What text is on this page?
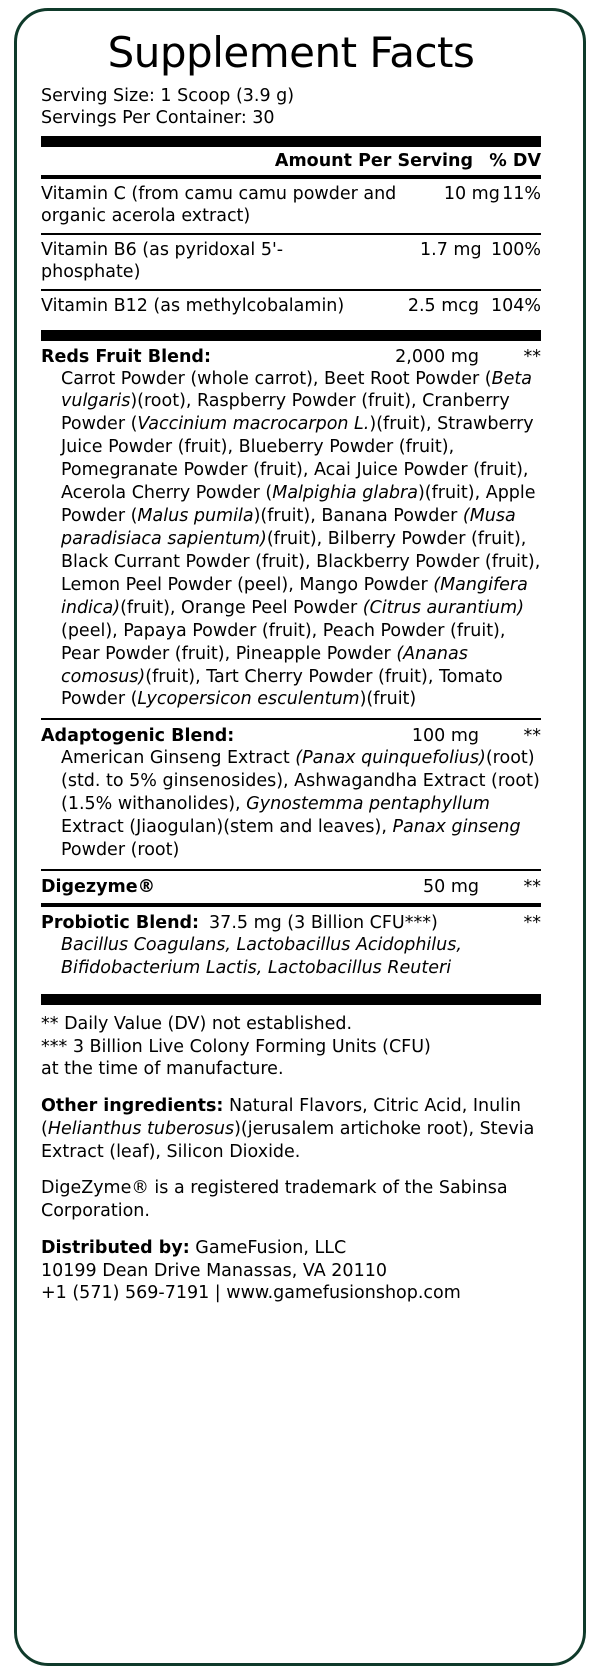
Supplement Facts
Serving Size: 1 Scoop (3.9 g)
Servings Per Container: 30
Amount Per Serving % DV
Vitamin C (from camu camu powder and organic acerola extract)
10 mg 11%
Vitamin B6 (as pyridoxal 5'-phosphate)
1.7 mg 100%
Vitamin B12 (as methylcobalamin)	2.5 mcg 104%
Reds Fruit Blend:	2,000 mg	**
Carrot Powder (whole carrot), Beet Root Powder (Beta vulgaris)(root), Raspberry Powder (fruit), Cranberry Powder (Vaccinium macrocarpon L.)(fruit), Strawberry Juice Powder (fruit), Blueberry Powder (fruit), Pomegranate Powder (fruit), Acai Juice Powder (fruit), Acerola Cherry Powder (Malpighia glabra)(fruit), Apple Powder (Malus pumila)(fruit), Banana Powder (Musa paradisiaca sapientum)(fruit), Bilberry Powder (fruit), Black Currant Powder (fruit), Blackberry Powder (fruit), Lemon Peel Powder (peel), Mango Powder (Mangifera indica)(fruit), Orange Peel Powder (Citrus aurantium)(peel), Papaya Powder (fruit), Peach Powder (fruit), Pear Powder (fruit), Pineapple Powder (Ananas comosus)(fruit), Tart Cherry Powder (fruit), Tomato Powder (Lycopersicon esculentum)(fruit)
Adaptogenic Blend:	100 mg	**
American Ginseng Extract (Panax quinquefolius)(root)(std. to 5% ginsenosides), Ashwagandha Extract (root)(1.5% withanolides), Gynostemma pentaphyllum Extract (Jiaogulan)(stem and leaves), Panax ginseng Powder (root)
Digezyme®	50 mg	**
Probiotic Blend: 37.5 mg (3 Billion CFU***)	**
Bacillus Coagulans, Lactobacillus Acidophilus, Bifidobacterium Lactis, Lactobacillus Reuteri

** Daily Value (DV) not established.

*** 3 Billion Live Colony Forming Units (CFU)

at the time of manufacture.

Other ingredients: Natural Flavors, Citric Acid, Inulin (Helianthus tuberosus)(jerusalem artichoke root), Stevia Extract (leaf), Silicon Dioxide.
DigeZyme® is a registered trademark of the Sabinsa Corporation.
Distributed by: GameFusion, LLC
10199 Dean Drive Manassas, VA 20110
+1 (571) 569-7191 | www.gamefusionshop.com
